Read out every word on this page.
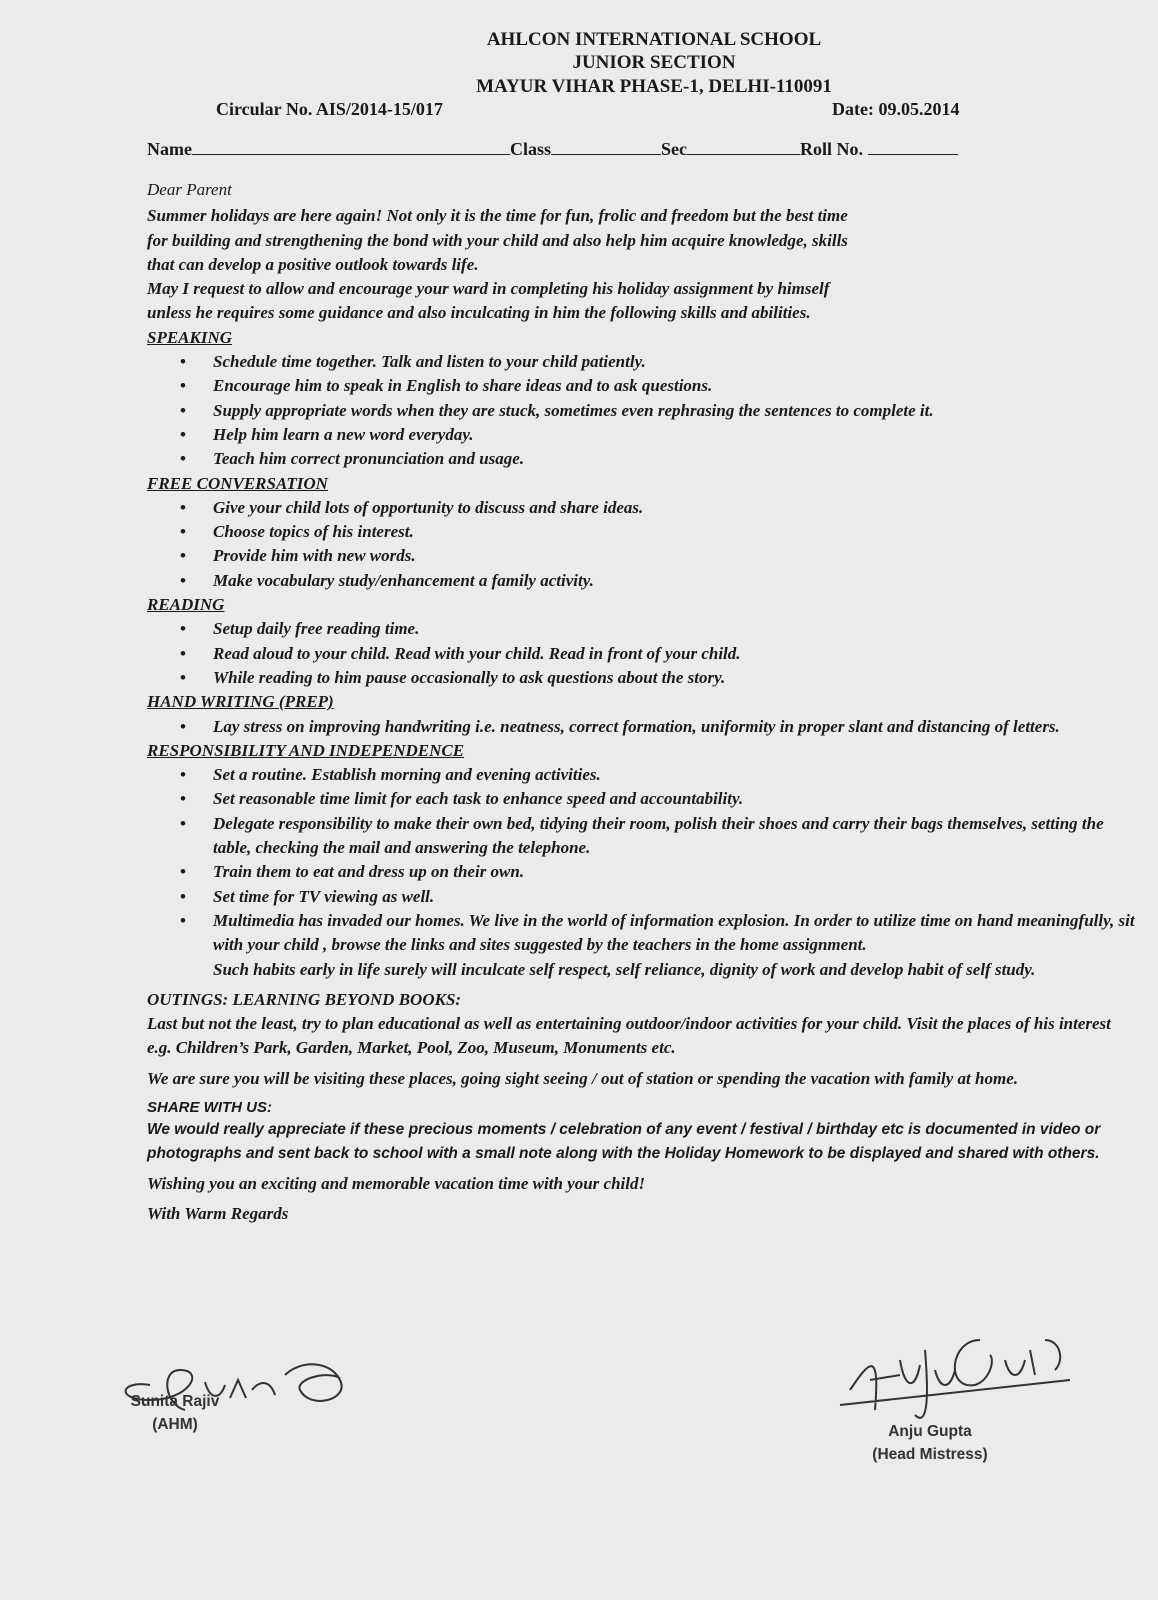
AHLCON INTERNATIONAL SCHOOL
JUNIOR SECTION
MAYUR VIHAR PHASE-1, DELHI-110091
Circular No. AIS/2014-15/017	Date: 09.05.2014
Name	Class	Sec	Roll No.

Dear Parent

Summer holidays are here again! Not only it is the time for fun, frolic and freedom but the best time

for building and strengthening the bond with your child and also help him acquire knowledge, skills

that can develop a positive outlook towards life.

May I request to allow and encourage your ward in completing his holiday assignment by himself

unless he requires some guidance and also inculcating in him the following skills and abilities.

SPEAKING

• Schedule time together. Talk and listen to your child patiently.
• Encourage him to speak in English to share ideas and to ask questions.
• Supply appropriate words when they are stuck, sometimes even rephrasing the sentences to complete it.
• Help him learn a new word everyday.
• Teach him correct pronunciation and usage.

FREE CONVERSATION

• Give your child lots of opportunity to discuss and share ideas.
• Choose topics of his interest.
• Provide him with new words.
• Make vocabulary study/enhancement a family activity.

READING

• Setup daily free reading time.
• Read aloud to your child. Read with your child. Read in front of your child.
• While reading to him pause occasionally to ask questions about the story.

HAND WRITING (PREP)

• Lay stress on improving handwriting i.e. neatness, correct formation, uniformity in proper slant and distancing of letters.

RESPONSIBILITY AND INDEPENDENCE

• Set a routine. Establish morning and evening activities.
• Set reasonable time limit for each task to enhance speed and accountability.
• Delegate responsibility to make their own bed, tidying their room, polish their shoes and carry their bags themselves, setting the table, checking the mail and answering the telephone.
• Train them to eat and dress up on their own.
• Set time for TV viewing as well.
• Multimedia has invaded our homes. We live in the world of information explosion. In order to utilize time on hand meaningfully, sit with your child , browse the links and sites suggested by the teachers in the home assignment.

Such habits early in life surely will inculcate self respect, self reliance, dignity of work and develop habit of self study.

OUTINGS: LEARNING BEYOND BOOKS:

Last but not the least, try to plan educational as well as entertaining outdoor/indoor activities for your child. Visit the places of his interest e.g. Children’s Park, Garden, Market, Pool, Zoo, Museum, Monuments etc.

We are sure you will be visiting these places, going sight seeing / out of station or spending the vacation with family at home.

SHARE WITH US:

We would really appreciate if these precious moments / celebration of any event / festival / birthday etc is documented in video or photographs and sent back to school with a small note along with the Holiday Homework to be displayed and shared with others.

Wishing you an exciting and memorable vacation time with your child!

With Warm Regards

Sunita Rajiv
(AHM)	Anju Gupta
(Head Mistress)
